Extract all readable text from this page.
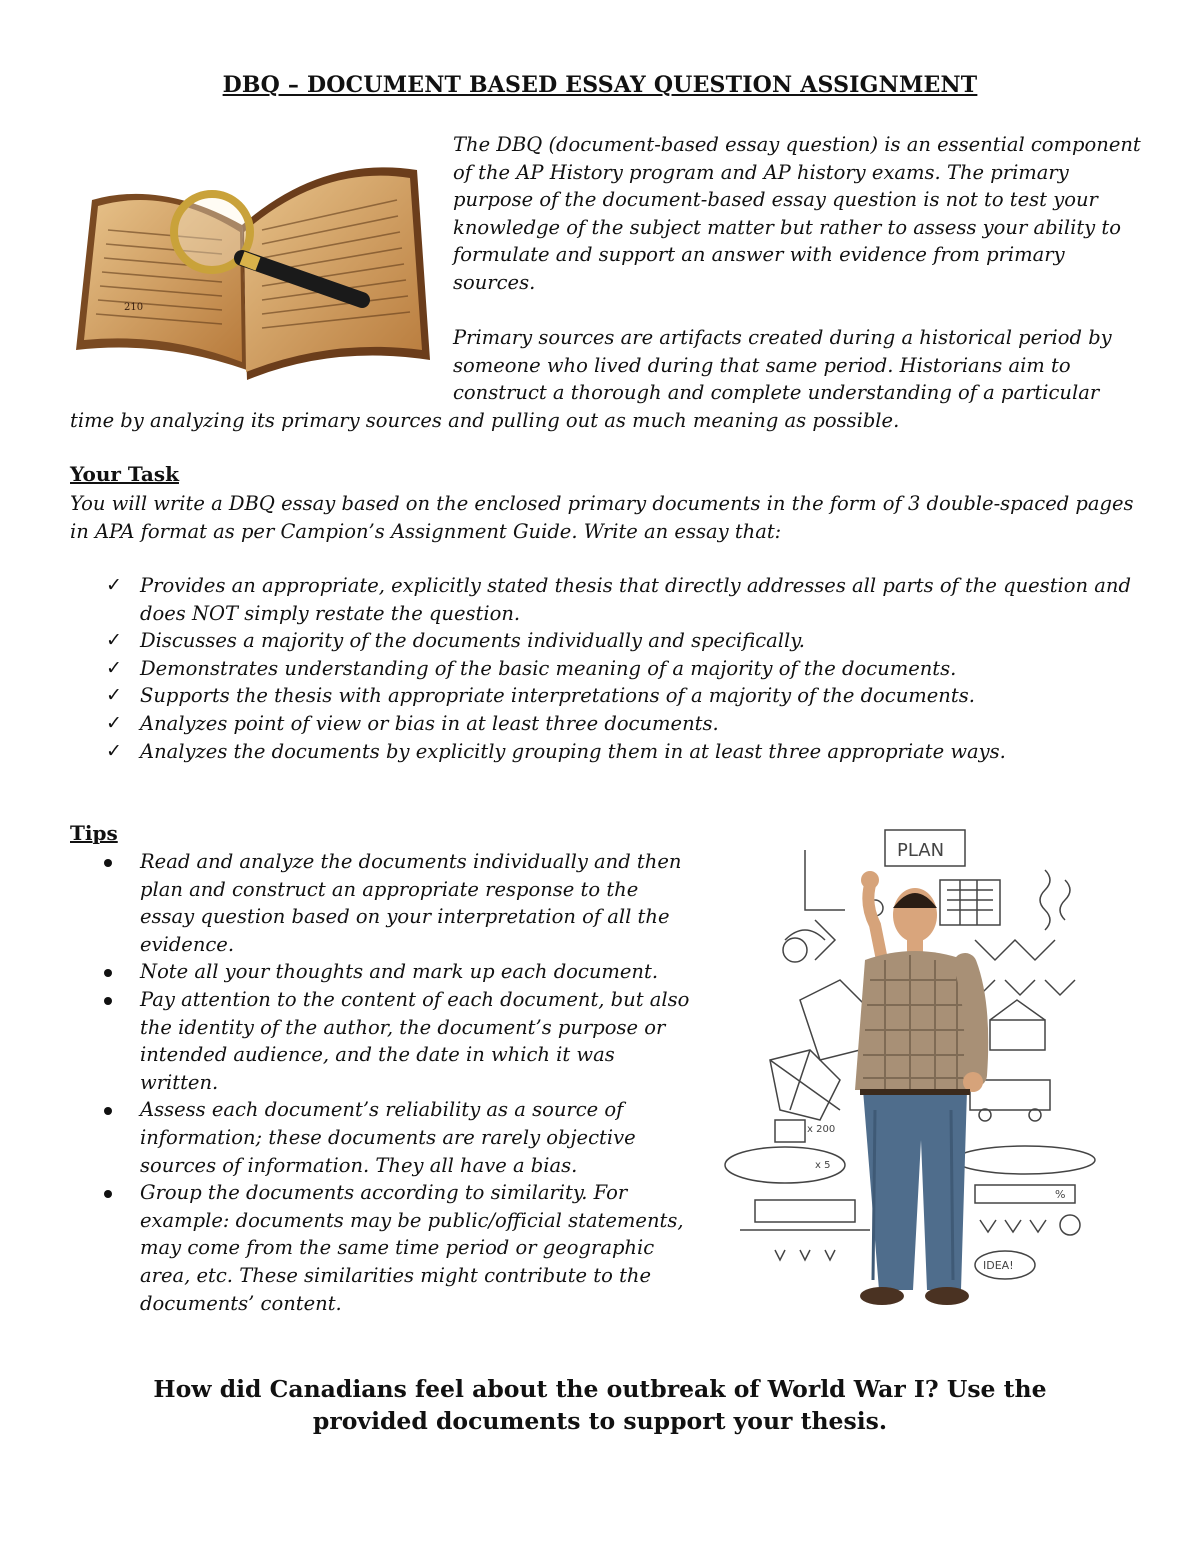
DBQ – DOCUMENT BASED ESSAY QUESTION ASSIGNMENT
210

The DBQ (document-based essay question) is an essential component of the AP History program and AP history exams. The primary purpose of the document-based essay question is not to test your knowledge of the subject matter but rather to assess your ability to formulate and support an answer with evidence from primary sources.

Primary sources are artifacts created during a historical period by someone who lived during that same period. Historians aim to construct a thorough and complete understanding of a particular

time by analyzing its primary sources and pulling out as much meaning as possible.
Your Task
You will write a DBQ essay based on the enclosed primary documents in the form of 3 double-spaced pages in APA format as per Campion’s Assignment Guide. Write an essay that:
✓ Provides an appropriate, explicitly stated thesis that directly addresses all parts of the question and does NOT simply restate the question.
✓ Discusses a majority of the documents individually and specifically.
✓ Demonstrates understanding of the basic meaning of a majority of the documents.
✓ Supports the thesis with appropriate interpretations of a majority of the documents.
✓ Analyzes point of view or bias in at least three documents.
✓ Analyzes the documents by explicitly grouping them in at least three appropriate ways.
Tips
Read and analyze the documents individually and then plan and construct an appropriate response to the essay question based on your interpretation of all the evidence.
Note all your thoughts and mark up each document.
Pay attention to the content of each document, but also the identity of the author, the document’s purpose or intended audience, and the date in which it was written.
Assess each document’s reliability as a source of information; these documents are rarely objective sources of information. They all have a bias.
Group the documents according to similarity. For example: documents may be public/official statements, may come from the same time period or geographic area, etc. These similarities might contribute to the documents’ content.
PLAN
IDEA!
x 200
x 5
%
How did Canadians feel about the outbreak of World War I? Use the provided documents to support your thesis.
